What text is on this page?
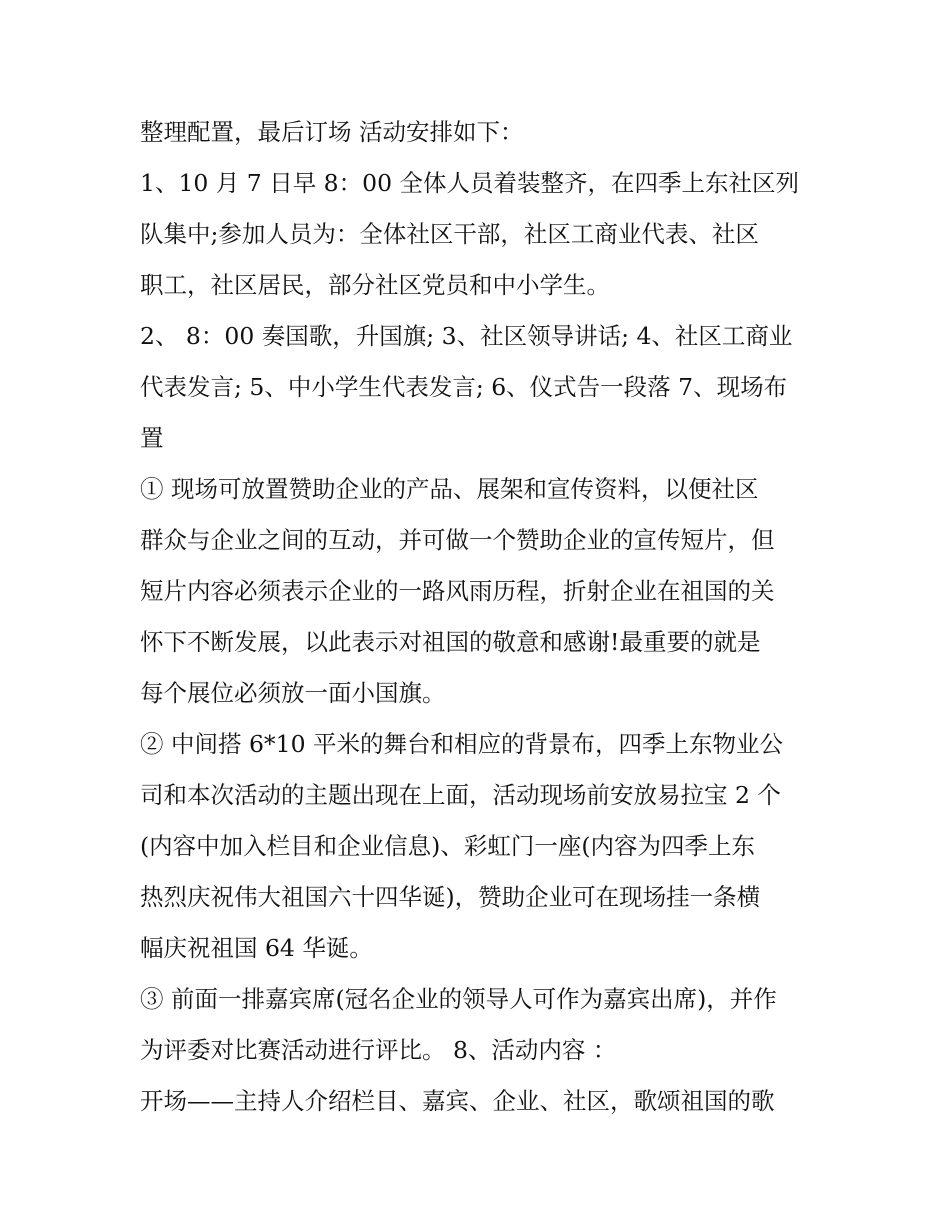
整理配置，最后订场 活动安排如下：
1、10 月 7 日早 8：00 全体人员着装整齐，在四季上东社区列
队集中;参加人员为：全体社区干部，社区工商业代表、社区
职工，社区居民，部分社区党员和中小学生。
2、 8：00 奏国歌，升国旗; 3、社区领导讲话; 4、社区工商业
代表发言; 5、中小学生代表发言; 6、仪式告一段落 7、现场布
置
① 现场可放置赞助企业的产品、展架和宣传资料，以便社区
群众与企业之间的互动，并可做一个赞助企业的宣传短片，但
短片内容必须表示企业的一路风雨历程，折射企业在祖国的关
怀下不断发展，以此表示对祖国的敬意和感谢!最重要的就是
每个展位必须放一面小国旗。
② 中间搭 6*10 平米的舞台和相应的背景布，四季上东物业公
司和本次活动的主题出现在上面，活动现场前安放易拉宝 2 个
(内容中加入栏目和企业信息)、彩虹门一座(内容为四季上东
热烈庆祝伟大祖国六十四华诞)，赞助企业可在现场挂一条横
幅庆祝祖国 64 华诞。
③ 前面一排嘉宾席(冠名企业的领导人可作为嘉宾出席)，并作
为评委对比赛活动进行评比。 8、活动内容 ：
开场——主持人介绍栏目、嘉宾、企业、社区，歌颂祖国的歌
